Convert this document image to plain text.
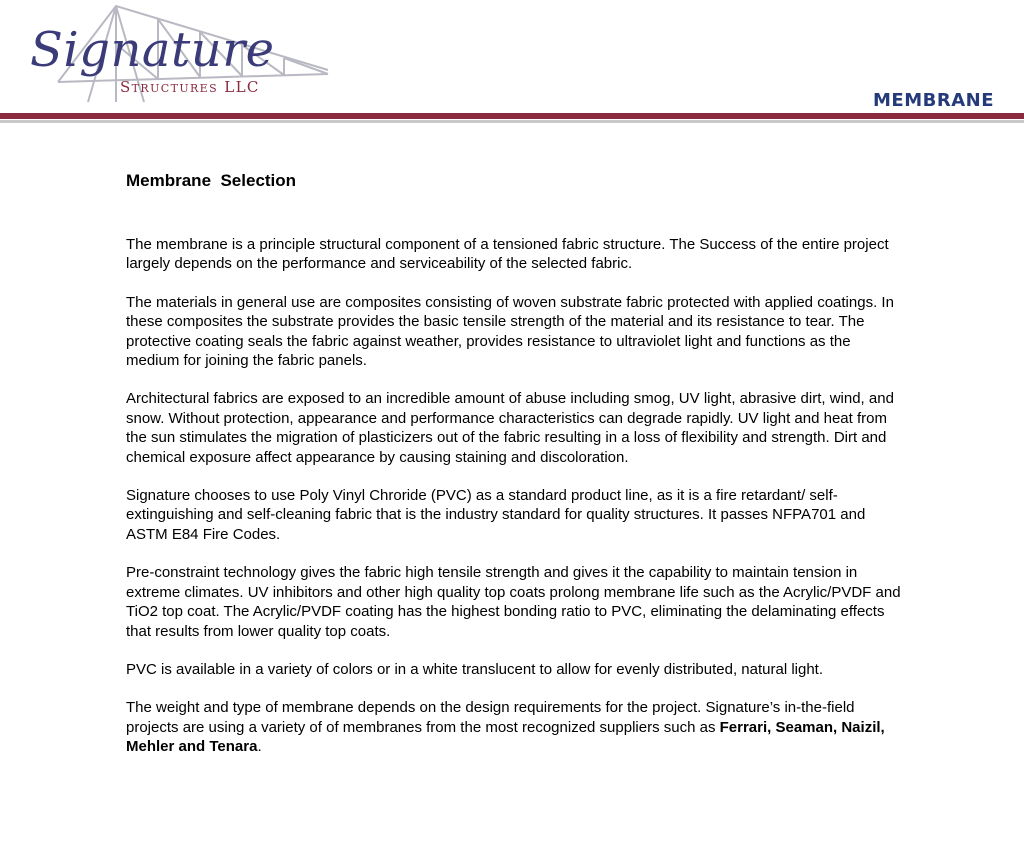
Signature

Structures LLC

MEMBRANE

Membrane  Selection

The membrane is a principle structural component of a tensioned fabric structure. The Success of the entire project largely depends on the performance and serviceability of the selected fabric.

The materials in general use are composites consisting of woven substrate fabric protected with applied coatings. In these composites the substrate provides the basic tensile strength of the material and its resistance to tear. The protective coating seals the fabric against weather, provides resistance to ultraviolet light and functions as the medium for joining the fabric panels.

Architectural fabrics are exposed to an incredible amount of abuse including smog, UV light, abrasive dirt, wind, and snow. Without protection, appearance and performance characteristics can degrade rapidly. UV light and heat from the sun stimulates the migration of plasticizers out of the fabric resulting in a loss of flexibility and strength. Dirt and chemical exposure affect appearance by causing staining and discoloration.

Signature chooses to use Poly Vinyl Chroride (PVC) as a standard product line, as it is a fire retardant/ self-extinguishing and self-cleaning fabric that is the industry standard for quality structures. It passes NFPA701 and ASTM E84 Fire Codes.

Pre-constraint technology gives the fabric high tensile strength and gives it the capability to maintain tension in extreme climates. UV inhibitors and other high quality top coats prolong membrane life such as the Acrylic/PVDF and TiO2 top coat. The Acrylic/PVDF coating has the highest bonding ratio to PVC, eliminating the delaminating effects that results from lower quality top coats.

PVC is available in a variety of colors or in a white translucent to allow for evenly distributed, natural light.

The weight and type of membrane depends on the design requirements for the project. Signature’s in-the-field projects are using a variety of of membranes from the most recognized suppliers such as Ferrari, Seaman, Naizil, Mehler and Tenara.
